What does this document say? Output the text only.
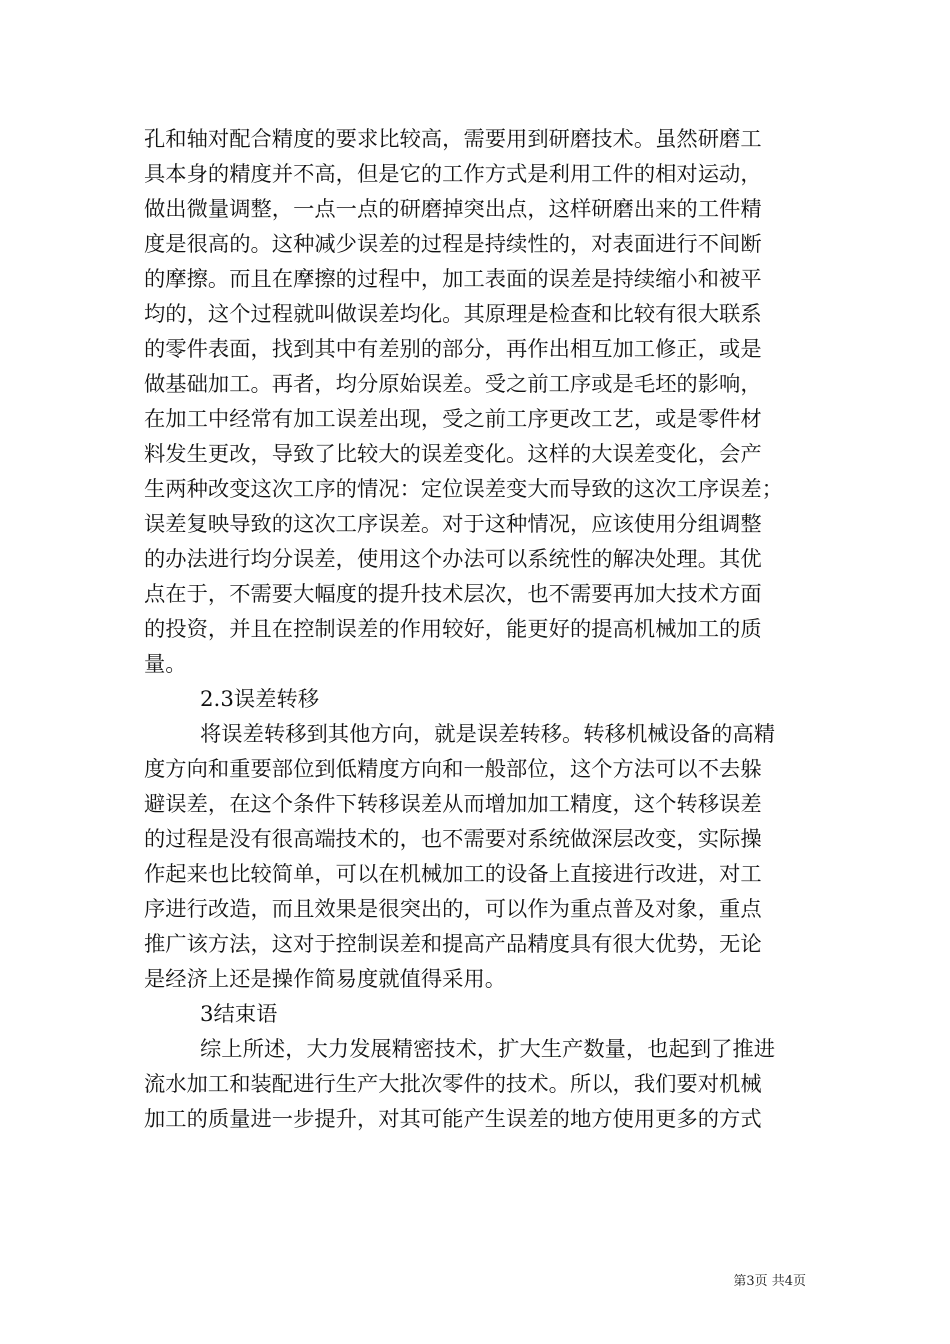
孔和轴对配合精度的要求比较高，需要用到研磨技术。虽然研磨工
具本身的精度并不高，但是它的工作方式是利用工件的相对运动，
做出微量调整，一点一点的研磨掉突出点，这样研磨出来的工件精
度是很高的。这种减少误差的过程是持续性的，对表面进行不间断
的摩擦。而且在摩擦的过程中，加工表面的误差是持续缩小和被平
均的，这个过程就叫做误差均化。其原理是检查和比较有很大联系
的零件表面，找到其中有差别的部分，再作出相互加工修正，或是
做基础加工。再者，均分原始误差。受之前工序或是毛坯的影响，
在加工中经常有加工误差出现，受之前工序更改工艺，或是零件材
料发生更改，导致了比较大的误差变化。这样的大误差变化，会产
生两种改变这次工序的情况：定位误差变大而导致的这次工序误差；
误差复映导致的这次工序误差。对于这种情况，应该使用分组调整
的办法进行均分误差，使用这个办法可以系统性的解决处理。其优
点在于，不需要大幅度的提升技术层次，也不需要再加大技术方面
的投资，并且在控制误差的作用较好，能更好的提高机械加工的质
量。
2.3误差转移
将误差转移到其他方向，就是误差转移。转移机械设备的高精
度方向和重要部位到低精度方向和一般部位，这个方法可以不去躲
避误差，在这个条件下转移误差从而增加加工精度，这个转移误差
的过程是没有很高端技术的，也不需要对系统做深层改变，实际操
作起来也比较简单，可以在机械加工的设备上直接进行改进，对工
序进行改造，而且效果是很突出的，可以作为重点普及对象，重点
推广该方法，这对于控制误差和提高产品精度具有很大优势，无论
是经济上还是操作简易度就值得采用。
3结束语
综上所述，大力发展精密技术，扩大生产数量，也起到了推进
流水加工和装配进行生产大批次零件的技术。所以，我们要对机械
加工的质量进一步提升，对其可能产生误差的地方使用更多的方式
第3页 共4页
